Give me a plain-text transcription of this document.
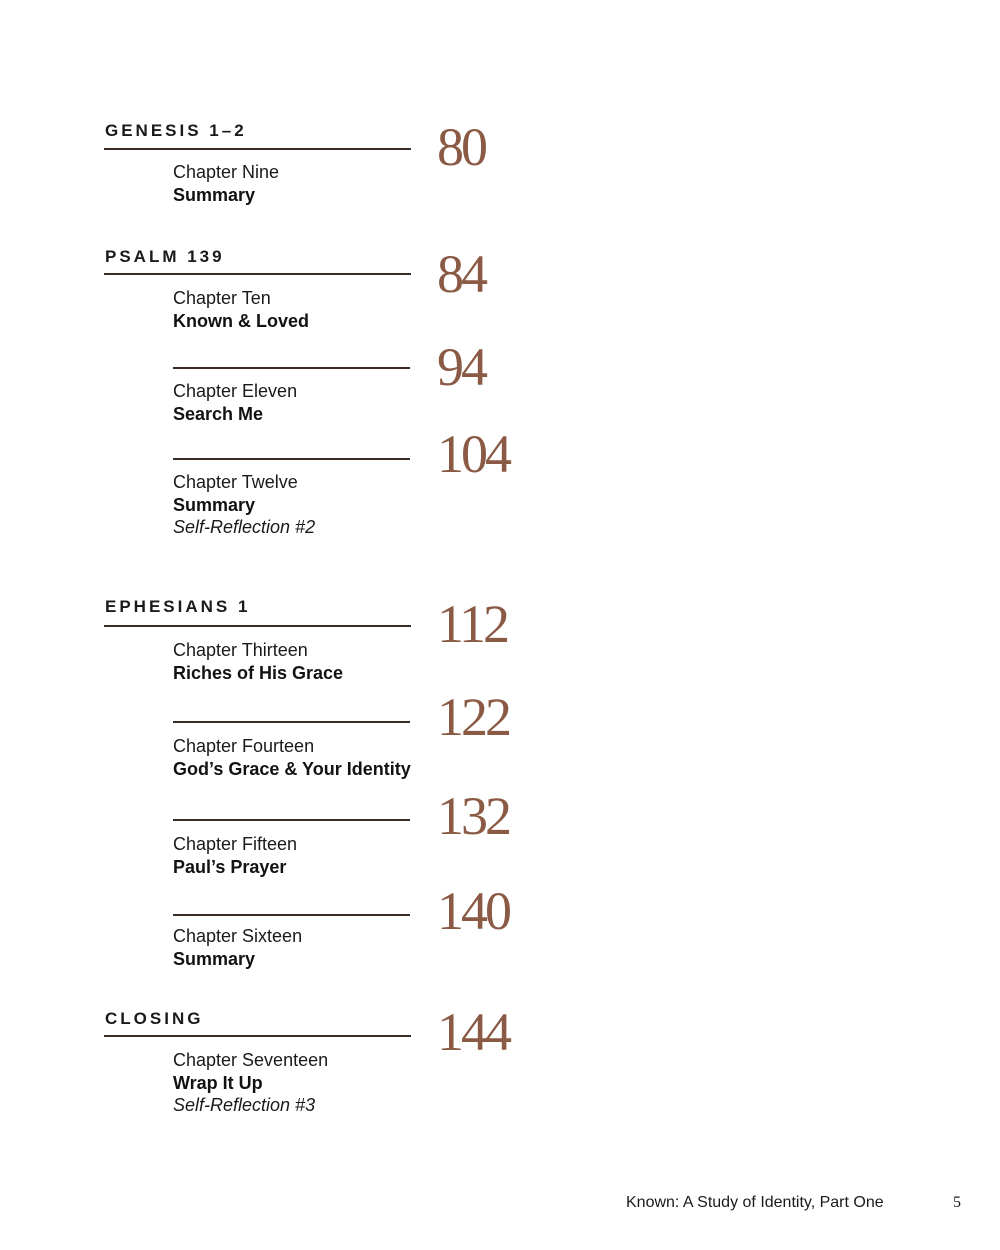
GENESIS 1–2
Chapter Nine
Summary
80
PSALM 139
Chapter Ten
Known & Loved
84
Chapter Eleven
Search Me
94
Chapter Twelve
Summary
Self-Reflection #2
104
EPHESIANS 1
Chapter Thirteen
Riches of His Grace
112
Chapter Fourteen
God’s Grace & Your Identity
122
Chapter Fifteen
Paul’s Prayer
132
Chapter Sixteen
Summary
140
CLOSING
Chapter Seventeen
Wrap It Up
Self-Reflection #3
144
Known: A Study of Identity, Part One	5
